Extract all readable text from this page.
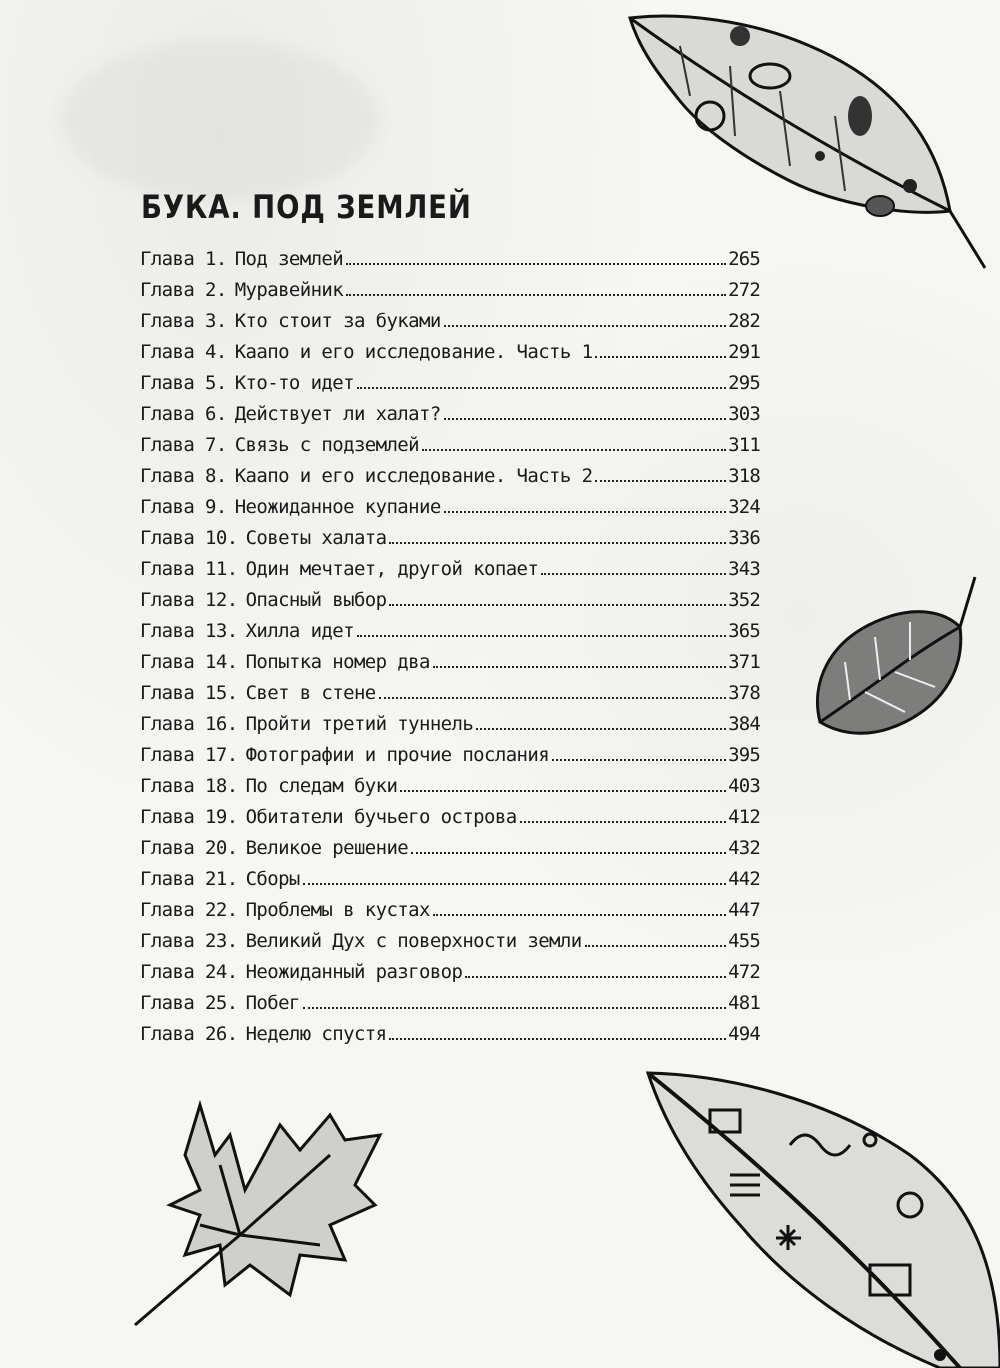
БУКА. ПОД ЗЕМЛЕЙ
Глава 1. Под землей	265
Глава 2. Муравейник	272
Глава 3. Кто стоит за буками	282
Глава 4. Каапо и его исследование. Часть 1	291
Глава 5. Кто-то идет	295
Глава 6. Действует ли халат?	303
Глава 7. Связь с подземлей	311
Глава 8. Каапо и его исследование. Часть 2	318
Глава 9. Неожиданное купание	324
Глава 10. Советы халата	336
Глава 11. Один мечтает, другой копает	343
Глава 12. Опасный выбор	352
Глава 13. Хилла идет	365
Глава 14. Попытка номер два	371
Глава 15. Свет в стене	378
Глава 16. Пройти третий туннель	384
Глава 17. Фотографии и прочие послания	395
Глава 18. По следам буки	403
Глава 19. Обитатели бучьего острова	412
Глава 20. Великое решение	432
Глава 21. Сборы	442
Глава 22. Проблемы в кустах	447
Глава 23. Великий Дух с поверхности земли	455
Глава 24. Неожиданный разговор	472
Глава 25. Побег	481
Глава 26. Неделю спустя	494
